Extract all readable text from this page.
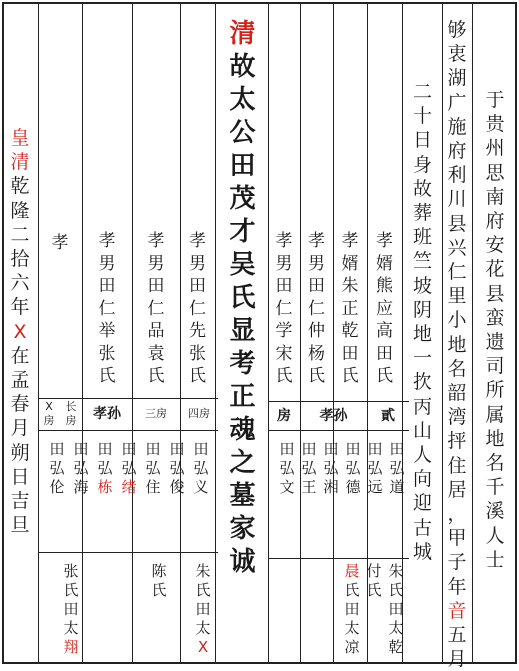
于
贵
州
思
南
府
安
花
县
蛮
遗
司
所
属
地
名
千
溪
人
士
够
衷
湖
广
施
府
利
川
县
兴
仁
里
小
地
名
韶
湾
抨
住
居
，
甲
子
年
音
五
月
二
十
日
身
故
葬
班
竺
坡
阴
地
一
扻
丙
山
人
向
迎
古
城
孝
婿
熊
应
高
田
氏
孝
婿
朱
正
乾
田
氏
孝
男
田
仁
仲
杨
氏
孝
男
田
仁
学
宋
氏
清
故
太
公
田
茂
才
吴
氏
显
考
正
魂
之
墓
家
诚
孝
男
田
仁
先
张
氏
孝
男
田
仁
品
袁
氏
孝
男
田
仁
举
张
氏
孝
皇
清
乾
隆
二
拾
六
年
X
在
孟
春
月
朔
日
吉
旦
貳
孝孙
房
四房
三房
孝孙
长
房
X
房
田
弘
道
田
弘
远
田
弘
德
田
弘
湘
田
弘
王
田
弘
文
田
弘
义
田
弘
俊
田
弘
住
田
弘
绪
田
弘
栋
田
弘
海
田
弘
伦
朱
氏
田
太
乾
付
氏
晨
氏
田
太
凉
朱
氏
田
太
X
陈
氏
张
氏
田
太
翔
